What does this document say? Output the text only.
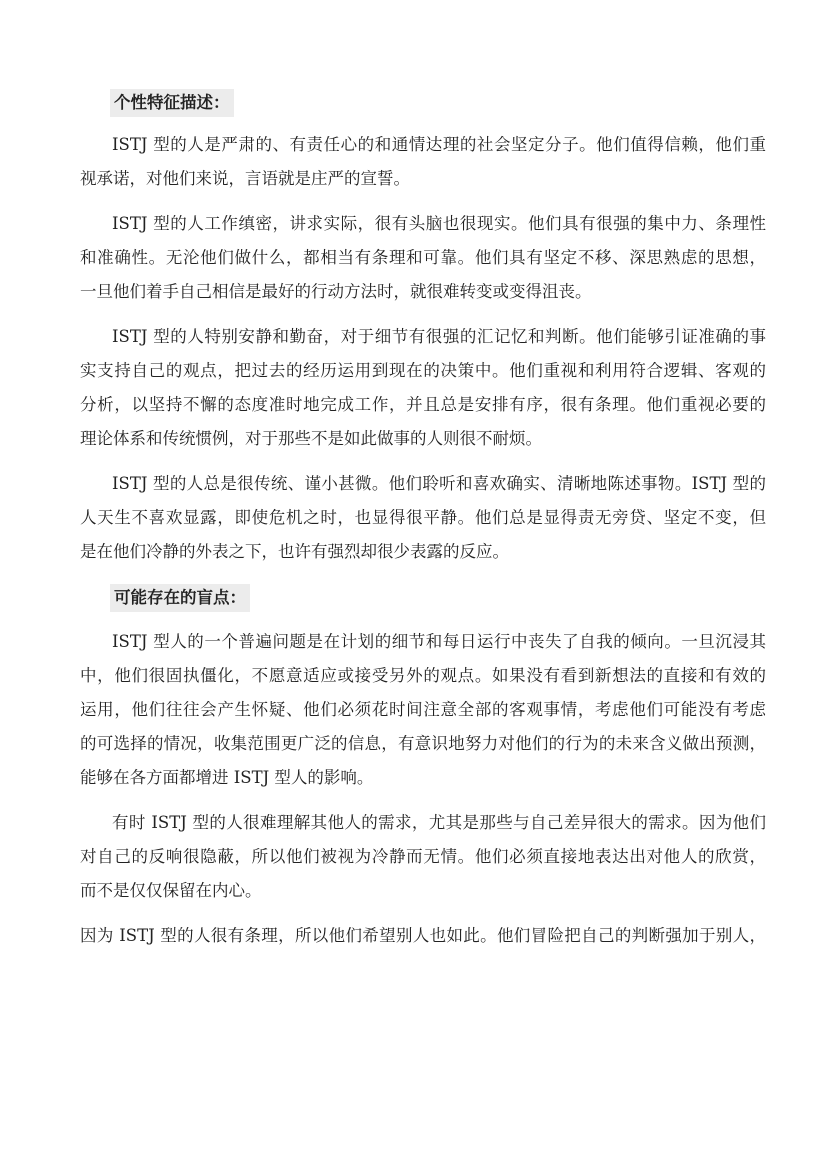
个性特征描述：
ISTJ 型的人是严肃的、有责任心的和通情达理的社会坚定分子。他们值得信赖，他们重
视承诺，对他们来说，言语就是庄严的宣誓。
ISTJ 型的人工作缜密，讲求实际，很有头脑也很现实。他们具有很强的集中力、条理性
和准确性。无沦他们做什么，都相当有条理和可靠。他们具有坚定不移、深思熟虑的思想，
一旦他们着手自己相信是最好的行动方法时，就很难转变或变得沮丧。
ISTJ 型的人特别安静和勤奋，对于细节有很强的汇记忆和判断。他们能够引证准确的事
实支持自己的观点，把过去的经历运用到现在的决策中。他们重视和利用符合逻辑、客观的
分析，以坚持不懈的态度准时地完成工作，并且总是安排有序，很有条理。他们重视必要的
理论体系和传统惯例，对于那些不是如此做事的人则很不耐烦。
ISTJ 型的人总是很传统、谨小甚微。他们聆听和喜欢确实、清晰地陈述事物。ISTJ 型的
人天生不喜欢显露，即使危机之时，也显得很平静。他们总是显得责无旁贷、坚定不变，但
是在他们冷静的外表之下，也许有强烈却很少表露的反应。
可能存在的盲点：
ISTJ 型人的一个普遍问题是在计划的细节和每日运行中丧失了自我的倾向。一旦沉浸其
中，他们很固执僵化，不愿意适应或接受另外的观点。如果没有看到新想法的直接和有效的
运用，他们往往会产生怀疑、他们必须花时间注意全部的客观事情，考虑他们可能没有考虑
的可选择的情况，收集范围更广泛的信息，有意识地努力对他们的行为的未来含义做出预测，
能够在各方面都增进 ISTJ 型人的影响。
有时 ISTJ 型的人很难理解其他人的需求，尤其是那些与自己差异很大的需求。因为他们
对自己的反响很隐蔽，所以他们被视为冷静而无情。他们必须直接地表达出对他人的欣赏，
而不是仅仅保留在内心。
因为 ISTJ 型的人很有条理，所以他们希望别人也如此。他们冒险把自己的判断强加于别人，
